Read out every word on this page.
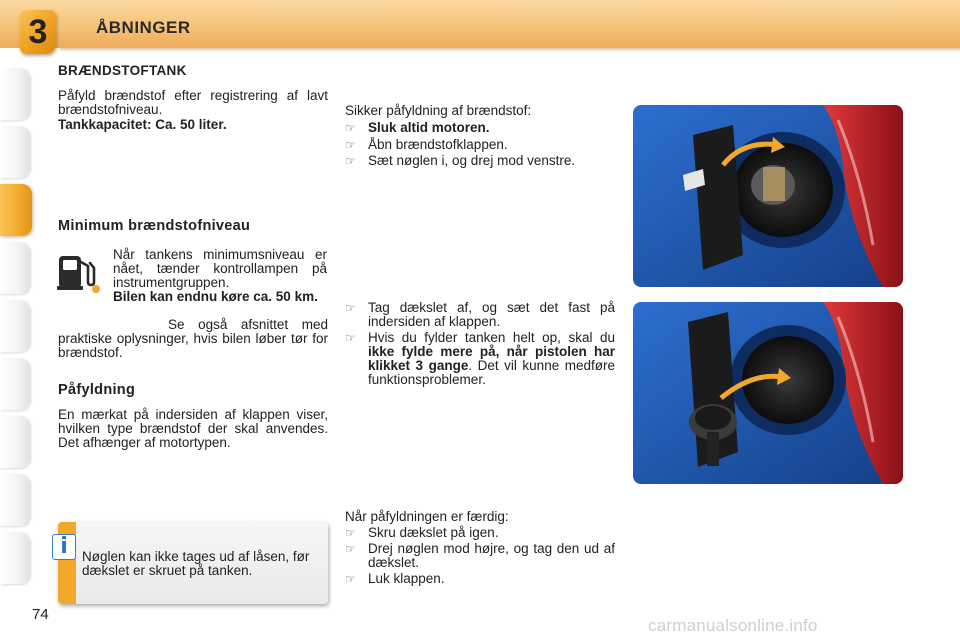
3	ÅBNINGER
BRÆNDSTOFTANK
Påfyld brændstof efter registrering af lavt brændstofniveau.
Tankkapacitet: Ca. 50 liter.
Minimum brændstofniveau
Når tankens minimumsniveau er nået, tænder kontrollampen på instrumentgruppen.
Bilen kan endnu køre ca. 50 km.
Se også afsnittet med praktiske oplysninger, hvis bilen løber tør for brændstof.
Påfyldning
En mærkat på indersiden af klappen viser, hvilken type brændstof der skal anvendes. Det afhænger af motortypen.
Nøglen kan ikke tages ud af låsen, før dækslet er skruet på tanken.
i
Sikker påfyldning af brændstof:
☞ Sluk altid motoren.
☞ Åbn brændstofklappen.
☞ Sæt nøglen i, og drej mod venstre.
☞ Tag dækslet af, og sæt det fast på indersiden af klappen.
☞ Hvis du fylder tanken helt op, skal du ikke fylde mere på, når pistolen har klikket 3 gange. Det vil kunne medføre funktionsproblemer.
Når påfyldningen er færdig:
☞ Skru dækslet på igen.
☞ Drej nøglen mod højre, og tag den ud af dækslet.
☞ Luk klappen.
74
carmanualsonline.info
